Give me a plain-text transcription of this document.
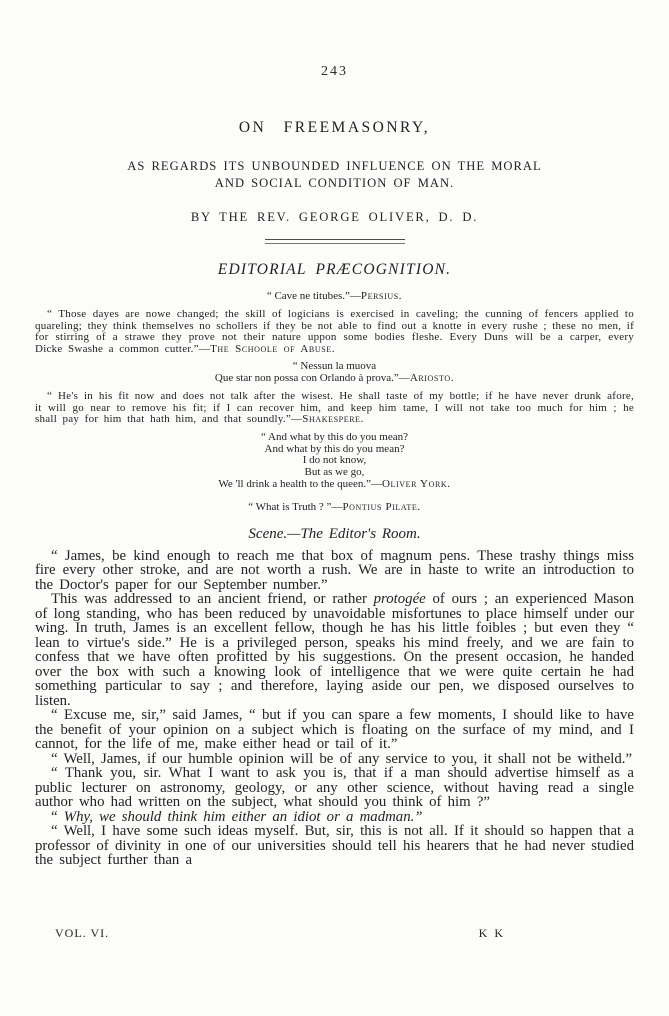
243
ON FREEMASONRY,
AS REGARDS ITS UNBOUNDED INFLUENCE ON THE MORAL
AND SOCIAL CONDITION OF MAN.
BY THE REV. GEORGE OLIVER, D. D.
EDITORIAL PRÆCOGNITION.
“ Cave ne titubes.”—Persius.

“ Those dayes are nowe changed; the skill of logicians is exercised in caveling; the cunning of fencers applied to quareling; they think themselves no schollers if they be not able to find out a knotte in every rushe ; these no men, if for stirring of a strawe they prove not their nature uppon some bodies fleshe. Every Duns will be a carper, every Dicke Swashe a common cutter.”—The Schoole of Abuse.

“ Nessun la muova
Que star non possa con Orlando à prova.”—Ariosto.

“ He's in his fit now and does not talk after the wisest. He shall taste of my bottle; if he have never drunk afore, it will go near to remove his fit; if I can recover him, and keep him tame, I will not take too much for him ; he shall pay for him that hath him, and that soundly.”—Shakespere.

“ And what by this do you mean?
And what by this do you mean?
I do not know,
But as we go,
We 'll drink a health to the queen.”—Oliver York.
“ What is Truth ? ”—Pontius Pilate.
Scene.—The Editor's Room.

“ James, be kind enough to reach me that box of magnum pens. These trashy things miss fire every other stroke, and are not worth a rush. We are in haste to write an introduction to the Doctor's paper for our September number.”

This was addressed to an ancient friend, or rather protogée of ours ; an experienced Mason of long standing, who has been reduced by unavoidable misfortunes to place himself under our wing. In truth, James is an excellent fellow, though he has his little foibles ; but even they “ lean to virtue's side.” He is a privileged person, speaks his mind freely, and we are fain to confess that we have often profitted by his suggestions. On the present occasion, he handed over the box with such a knowing look of intelligence that we were quite certain he had something particular to say ; and therefore, laying aside our pen, we disposed ourselves to listen.

“ Excuse me, sir,” said James, “ but if you can spare a few moments, I should like to have the benefit of your opinion on a subject which is floating on the surface of my mind, and I cannot, for the life of me, make either head or tail of it.”

“ Well, James, if our humble opinion will be of any service to you, it shall not be witheld.”

“ Thank you, sir. What I want to ask you is, that if a man should advertise himself as a public lecturer on astronomy, geology, or any other science, without having read a single author who had written on the subject, what should you think of him ?”

“ Why, we should think him either an idiot or a madman.”

“ Well, I have some such ideas myself. But, sir, this is not all. If it should so happen that a professor of divinity in one of our universities should tell his hearers that he had never studied the subject further than a

VOL. VI.	K K
